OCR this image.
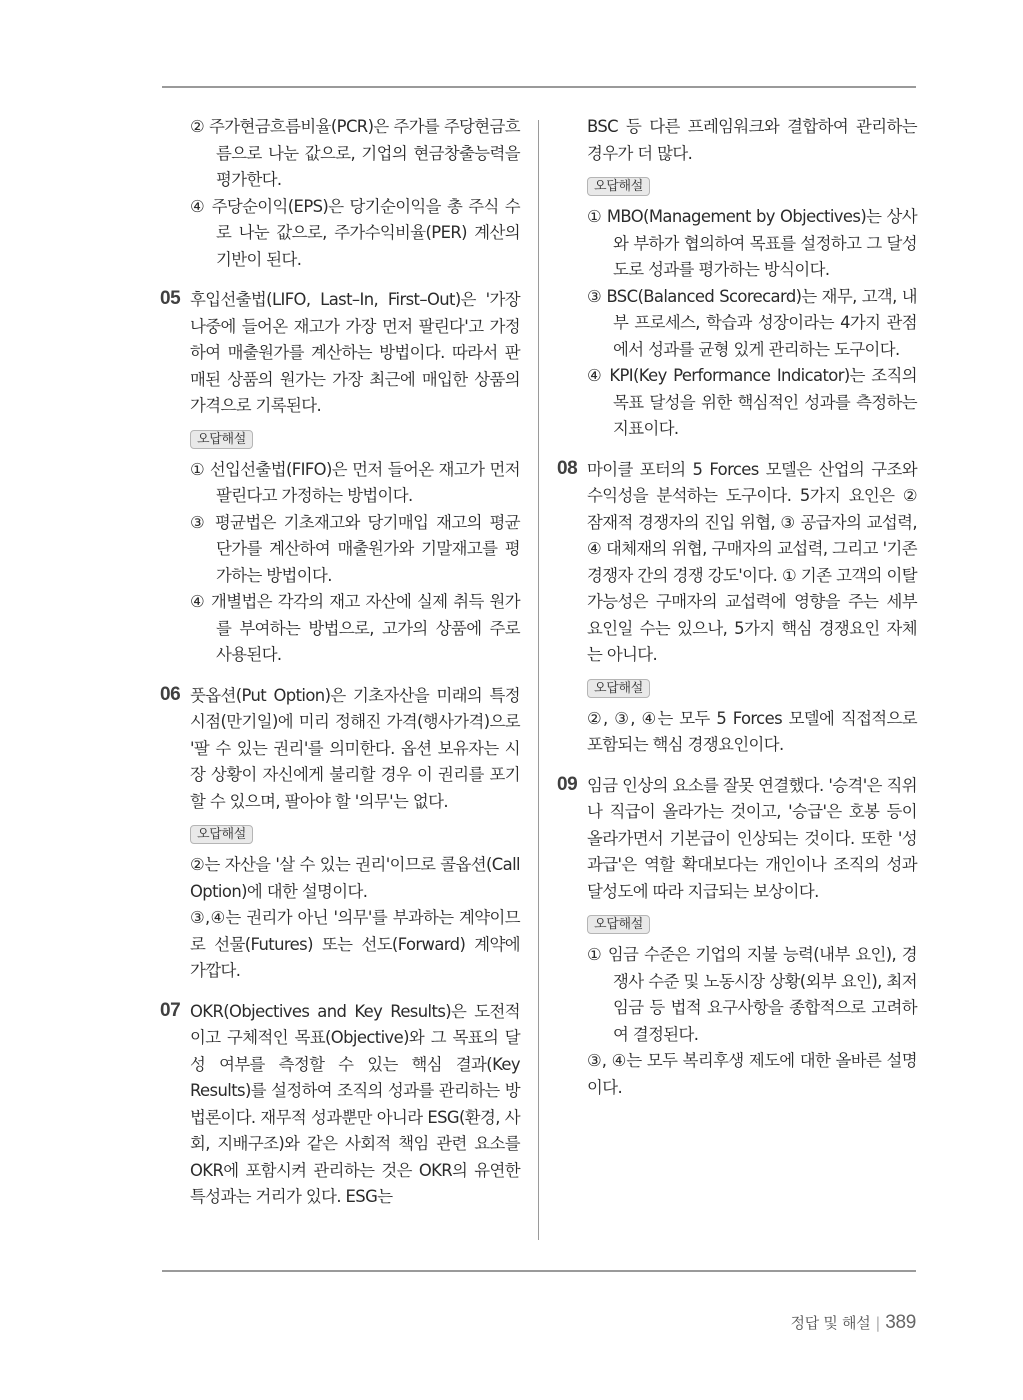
② 주가현금흐름비율(PCR)은 주가를 주당현금흐름으로 나눈 값으로, 기업의 현금창출능력을 평가한다.

④ 주당순이익(EPS)은 당기순이익을 총 주식 수로 나눈 값으로, 주가수익비율(PER) 계산의 기반이 된다.

05 후입선출법(LIFO, Last–In, First–Out)은 '가장 나중에 들어온 재고가 가장 먼저 팔린다'고 가정하여 매출원가를 계산하는 방법이다. 따라서 판매된 상품의 원가는 가장 최근에 매입한 상품의 가격으로 기록된다.

오답해설

① 선입선출법(FIFO)은 먼저 들어온 재고가 먼저 팔린다고 가정하는 방법이다.

③ 평균법은 기초재고와 당기매입 재고의 평균 단가를 계산하여 매출원가와 기말재고를 평가하는 방법이다.

④ 개별법은 각각의 재고 자산에 실제 취득 원가를 부여하는 방법으로, 고가의 상품에 주로 사용된다.

06 풋옵션(Put Option)은 기초자산을 미래의 특정 시점(만기일)에 미리 정해진 가격(행사가격)으로 '팔 수 있는 권리'를 의미한다. 옵션 보유자는 시장 상황이 자신에게 불리할 경우 이 권리를 포기할 수 있으며, 팔아야 할 '의무'는 없다.

오답해설

②는 자산을 '살 수 있는 권리'이므로 콜옵션(Call Option)에 대한 설명이다.

③,④는 권리가 아닌 '의무'를 부과하는 계약이므로 선물(Futures) 또는 선도(Forward) 계약에 가깝다.

07 OKR(Objectives and Key Results)은 도전적이고 구체적인 목표(Objective)와 그 목표의 달성 여부를 측정할 수 있는 핵심 결과(Key Results)를 설정하여 조직의 성과를 관리하는 방법론이다. 재무적 성과뿐만 아니라 ESG(환경, 사회, 지배구조)와 같은 사회적 책임 관련 요소를 OKR에 포함시켜 관리하는 것은 OKR의 유연한 특성과는 거리가 있다. ESG는

BSC 등 다른 프레임워크와 결합하여 관리하는 경우가 더 많다.

오답해설

① MBO(Management by Objectives)는 상사와 부하가 협의하여 목표를 설정하고 그 달성도로 성과를 평가하는 방식이다.

③ BSC(Balanced Scorecard)는 재무, 고객, 내부 프로세스, 학습과 성장이라는 4가지 관점에서 성과를 균형 있게 관리하는 도구이다.

④ KPI(Key Performance Indicator)는 조직의 목표 달성을 위한 핵심적인 성과를 측정하는 지표이다.

08 마이클 포터의 5 Forces 모델은 산업의 구조와 수익성을 분석하는 도구이다. 5가지 요인은 ② 잠재적 경쟁자의 진입 위협, ③ 공급자의 교섭력, ④ 대체재의 위협, 구매자의 교섭력, 그리고 '기존 경쟁자 간의 경쟁 강도'이다. ① 기존 고객의 이탈 가능성은 구매자의 교섭력에 영향을 주는 세부 요인일 수는 있으나, 5가지 핵심 경쟁요인 자체는 아니다.

오답해설

②, ③, ④는 모두 5 Forces 모델에 직접적으로 포함되는 핵심 경쟁요인이다.

09 임금 인상의 요소를 잘못 연결했다. '승격'은 직위나 직급이 올라가는 것이고, '승급'은 호봉 등이 올라가면서 기본급이 인상되는 것이다. 또한 '성과급'은 역할 확대보다는 개인이나 조직의 성과 달성도에 따라 지급되는 보상이다.

오답해설

① 임금 수준은 기업의 지불 능력(내부 요인), 경쟁사 수준 및 노동시장 상황(외부 요인), 최저임금 등 법적 요구사항을 종합적으로 고려하여 결정된다.

③, ④는 모두 복리후생 제도에 대한 올바른 설명이다.

정답 및 해설 | 389
